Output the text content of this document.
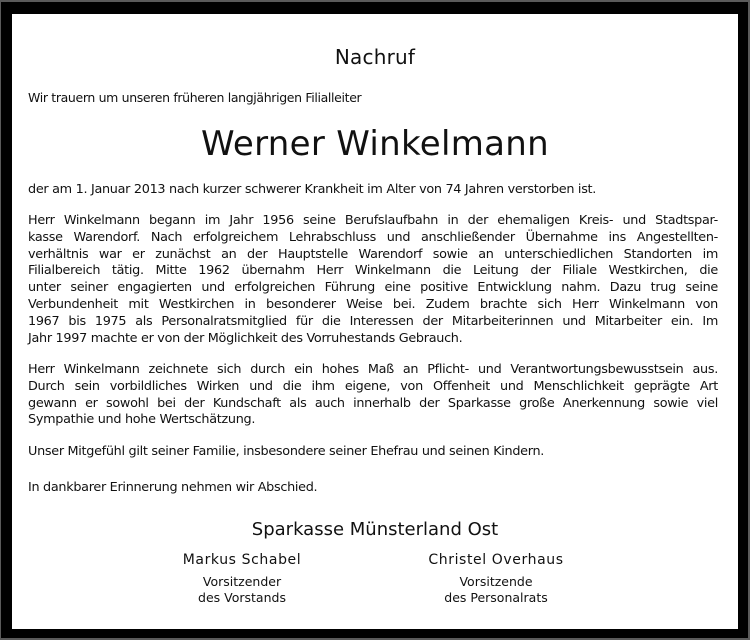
Nachruf
Wir trauern um unseren früheren langjährigen Filialleiter
Werner Winkelmann
der am 1. Januar 2013 nach kurzer schwerer Krankheit im Alter von 74 Jahren verstorben ist.
Herr Winkelmann begann im Jahr 1956 seine Berufslaufbahn in der ehemaligen Kreis- und Stadtspar-
kasse Warendorf. Nach erfolgreichem Lehrabschluss und anschließender Übernahme ins Angestellten-
verhältnis war er zunächst an der Hauptstelle Warendorf sowie an unterschiedlichen Standorten im
Filialbereich tätig. Mitte 1962 übernahm Herr Winkelmann die Leitung der Filiale Westkirchen, die
unter seiner engagierten und erfolgreichen Führung eine positive Entwicklung nahm. Dazu trug seine
Verbundenheit mit Westkirchen in besonderer Weise bei. Zudem brachte sich Herr Winkelmann von
1967 bis 1975 als Personalratsmitglied für die Interessen der Mitarbeiterinnen und Mitarbeiter ein. Im
Jahr 1997 machte er von der Möglichkeit des Vorruhestands Gebrauch.
Herr Winkelmann zeichnete sich durch ein hohes Maß an Pflicht- und Verantwortungsbewusstsein aus.
Durch sein vorbildliches Wirken und die ihm eigene, von Offenheit und Menschlichkeit geprägte Art
gewann er sowohl bei der Kundschaft als auch innerhalb der Sparkasse große Anerkennung sowie viel
Sympathie und hohe Wertschätzung.
Unser Mitgefühl gilt seiner Familie, insbesondere seiner Ehefrau und seinen Kindern.
In dankbarer Erinnerung nehmen wir Abschied.
Sparkasse Münsterland Ost
Markus Schabel
Vorsitzender
des Vorstands
Christel Overhaus
Vorsitzende
des Personalrats
